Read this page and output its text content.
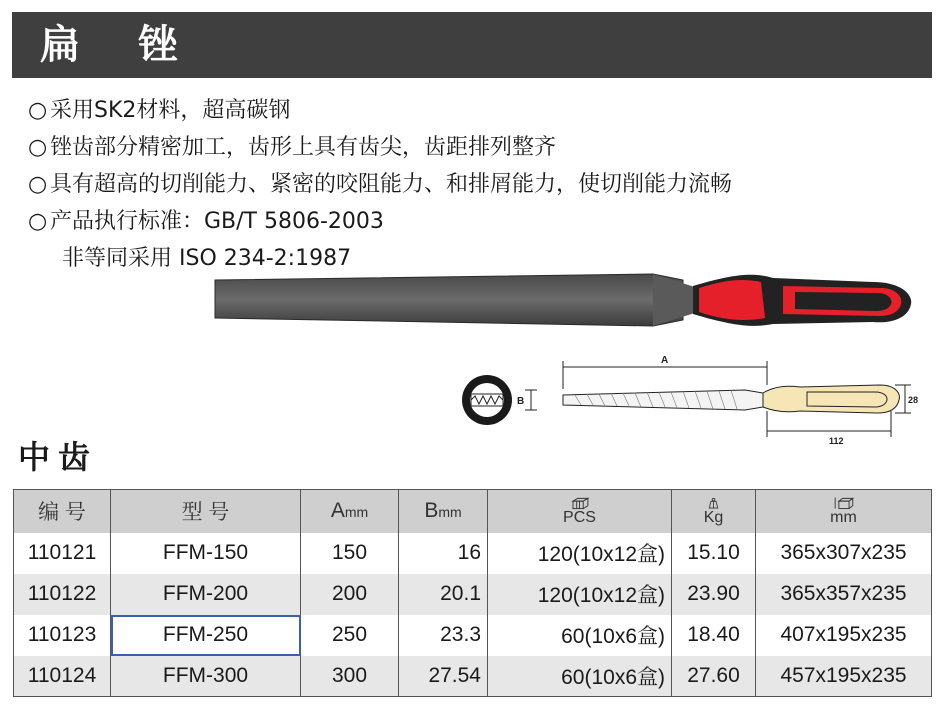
扁 锉
○ 采用SK2材料，超高碳钢
○ 锉齿部分精密加工，齿形上具有齿尖，齿距排列整齐
○ 具有超高的切削能力、紧密的咬阻能力、和排屑能力，使切削能力流畅
○ 产品执行标准：GB/T 5806-2003
非等同采用 ISO 234-2:1987
B
A
112
28
中齿
编 号	型 号	Amm	Bmm	PCS	Kg	mm

110121	FFM-150	150	16	120(10x12盒)	15.10	365x307x235
110122	FFM-200	200	20.1	120(10x12盒)	23.90	365x357x235
110123	FFM-250	250	23.3	60(10x6盒)	18.40	407x195x235
110124	FFM-300	300	27.54	60(10x6盒)	27.60	457x195x235
